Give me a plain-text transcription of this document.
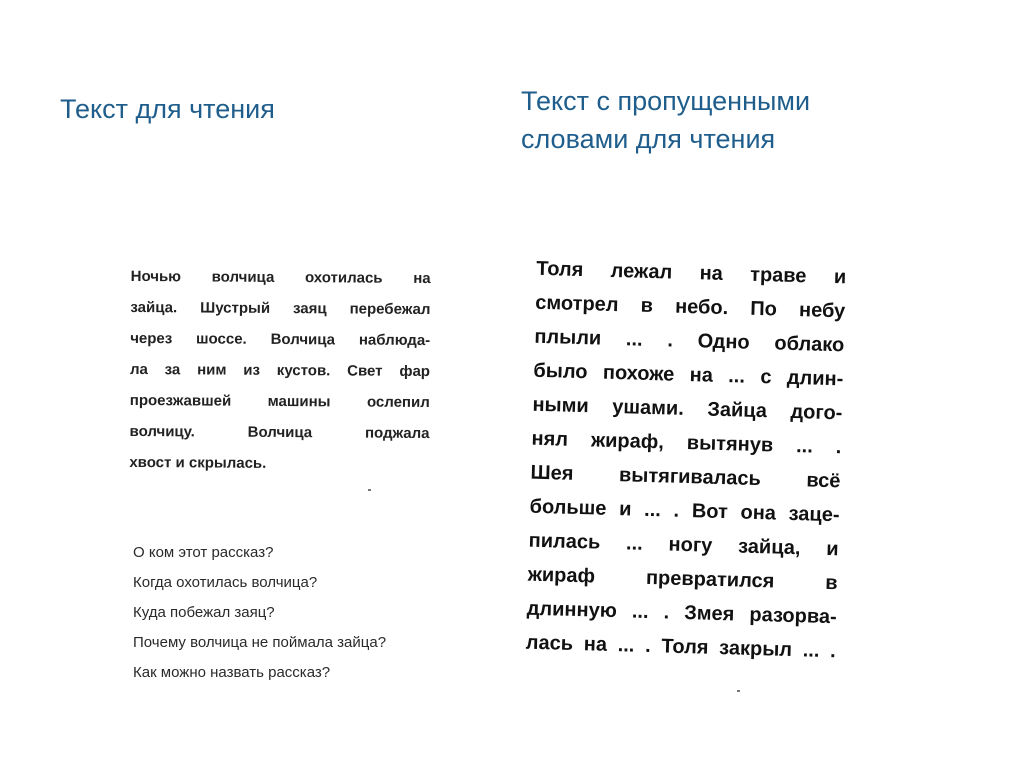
Текст для чтения	Текст с пропущенными
словами для чтения
Ночью волчица охотилась на
зайца. Шустрый заяц перебежал
через шоссе. Волчица наблюда-
ла за ним из кустов. Свет фар
проезжавшей машины ослепил
волчицу. Волчица поджала
хвост и скрылась.
О ком этот рассказ?
Когда охотилась волчица?
Куда побежал заяц?
Почему волчица не поймала зайца?
Как можно назвать рассказ?
Толя лежал на траве и
смотрел в небо. По небу
плыли ... . Одно облако
было похоже на ... с длин-
ными ушами. Зайца дого-
нял жираф, вытянув ... .
Шея вытягивалась всё
больше и ... . Вот она заце-
пилась ... ногу зайца, и
жираф превратился в
длинную ... . Змея разорва-
лась на ... . Толя закрыл ... .
